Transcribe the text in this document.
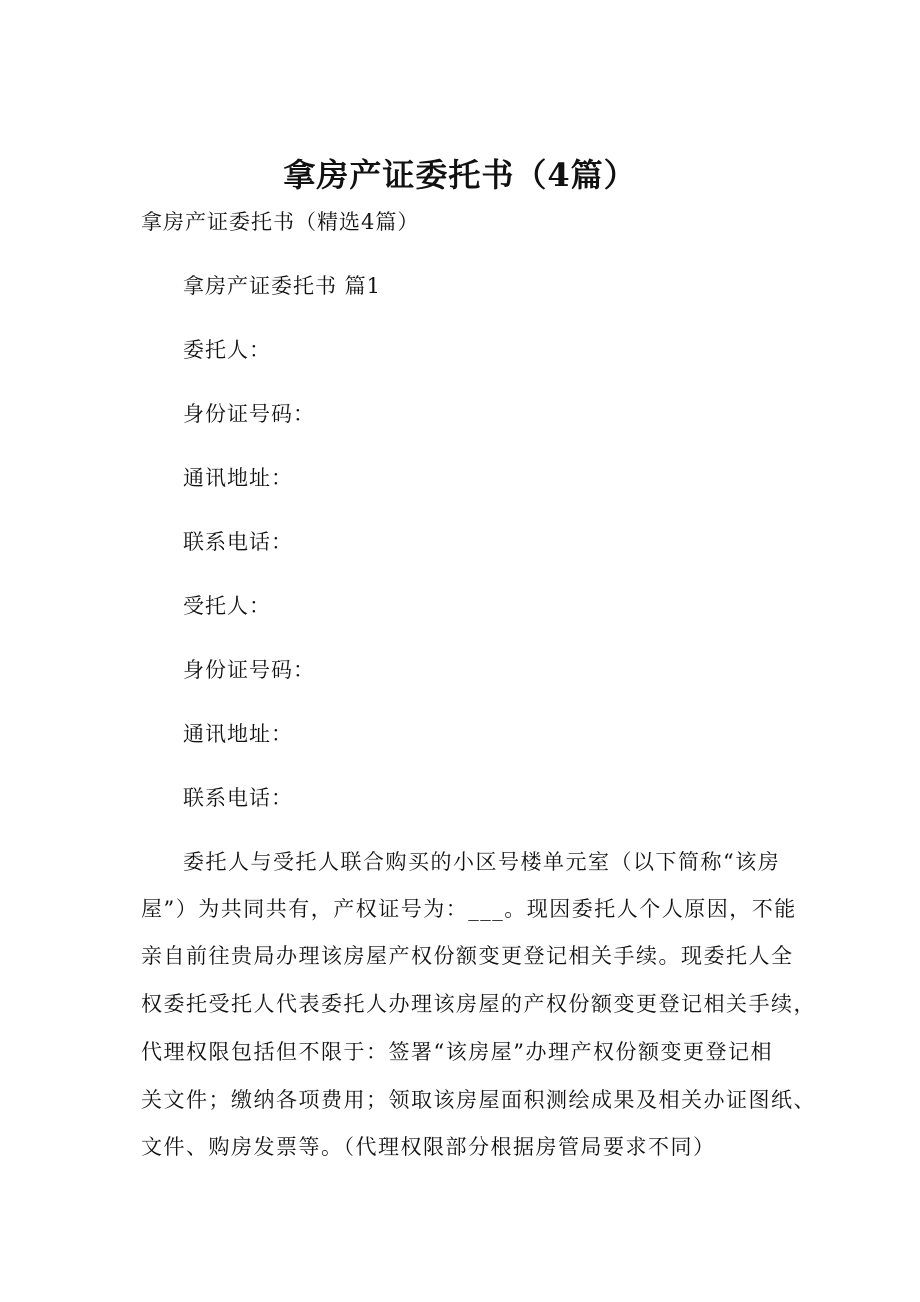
拿房产证委托书（4篇）

拿房产证委托书（精选4篇）

拿房产证委托书 篇1

委托人：

身份证号码：

通讯地址：

联系电话：

受托人：

身份证号码：

通讯地址：

联系电话：

委托人与受托人联合购买的小区号楼单元室（以下简称“该房

屋”）为共同共有，产权证号为：___。现因委托人个人原因，不能

亲自前往贵局办理该房屋产权份额变更登记相关手续。现委托人全

权委托受托人代表委托人办理该房屋的产权份额变更登记相关手续，

代理权限包括但不限于：签署“该房屋”办理产权份额变更登记相

关文件；缴纳各项费用；领取该房屋面积测绘成果及相关办证图纸、

文件、购房发票等。（代理权限部分根据房管局要求不同）
